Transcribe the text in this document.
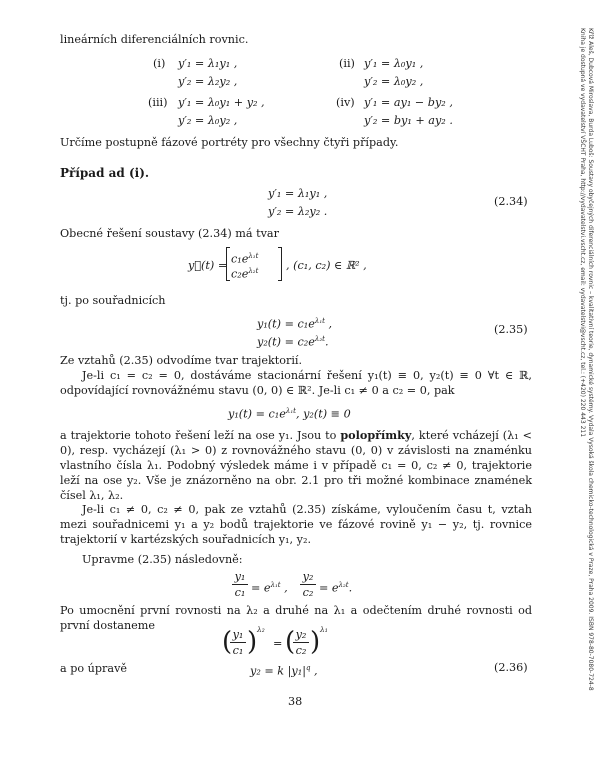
Kříž Aleš, Dubcová Miroslava, Burda Luboš: Soustavy obyčejných diferenciálních rovnic – kvalitativní teorie, dynamické systémy. Vydala Vysoká škola chemicko-technologická v Praze, Praha 2009. ISBN 978-80-7080-724-8
Kniha je dostupná ve vydavatelství VŠCHT Praha, http://vydavatelstvi.vscht.cz, email: vydavatelstvi@vscht.cz, tel.: (+420) 220 443 211
lineárních diferenciálních rovnic.
(i) y′₁ = λ₁y₁ ,
y′₂ = λ₂y₂ ,
(ii) y′₁ = λ₀y₁ ,
y′₂ = λ₀y₂ ,
(iii) y′₁ = λ₀y₁ + y₂ ,
y′₂ = λ₀y₂ ,
(iv) y′₁ = ay₁ − by₂ ,
y′₂ = by₁ + ay₂ .
Určíme postupně fázové portréty pro všechny čtyři případy.
Případ ad (i).
y′₁ = λ₁y₁ ,
y′₂ = λ₂y₂ .
(2.34)
Obecné řešení soustavy (2.34) má tvar
y⃗(t) = $c_1e^{\lambda_1t}$
$c_2e^{\lambda_2t}$ , (c₁, c₂) ∈ ℝ² ,
tj. po souřadnicích
$y_1(t) = c_1e^{\lambda_1t}$ ,
$y_2(t) = c_2e^{\lambda_2t}$.
(2.35)
Ze vztahů (2.35) odvodíme tvar trajektorií.
Je-li c₁ = c₂ = 0, dostáváme stacionární řešení y₁(t) ≡ 0, y₂(t) ≡ 0 ∀t ∈ ℝ, odpovídající rovnovážnému stavu (0, 0) ∈ ℝ². Je-li c₁ ≠ 0 a c₂ = 0, pak
$y_1(t) = c_1e^{\lambda_1t}$, y₂(t) ≡ 0
a trajektorie tohoto řešení leží na ose y₁. Jsou to polopřímky, které vcházejí (λ₁ < 0), resp. vycházejí (λ₁ > 0) z rovnovážného stavu (0, 0) v závislosti na znaménku vlastního čísla λ₁. Podobný výsledek máme i v případě c₁ = 0, c₂ ≠ 0, trajektorie leží na ose y₂. Vše je znázorněno na obr. 2.1 pro tři možné kombinace znamének čísel λ₁, λ₂.
Je-li c₁ ≠ 0, c₂ ≠ 0, pak ze vztahů (2.35) získáme, vyloučením času t, vztah mezi souřadnicemi y₁ a y₂ bodů trajektorie ve fázové rovině y₁ − y₂, tj. rovnice trajektorií v kartézských souřadnicích y₁, y₂.
Upravme (2.35) následovně:
y₁
$c_1 = e^{\lambda_1t}$ ,
y₂
$c_2 = e^{\lambda_2t}$.
Po umocnění první rovnosti na λ₂ a druhé na λ₁ a odečtením druhé rovnosti od první dostaneme
( y₁
c₁ ) λ₂
= ( y₂
c₂ ) λ₁
a po úpravě	y₂ = k $|y_1|^q$ ,	(2.36)
38
